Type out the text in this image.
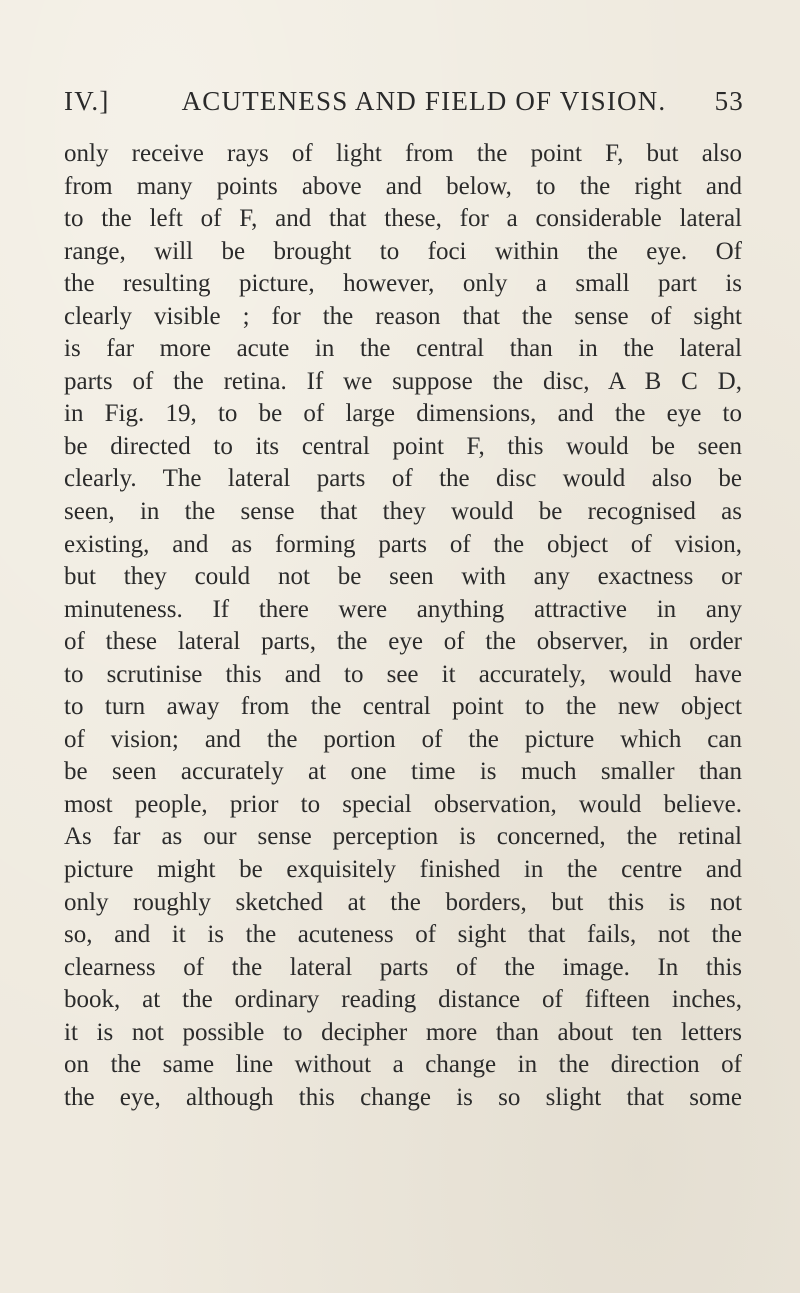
IV.]	ACUTENESS AND FIELD OF VISION.	53
only receive rays of light from the point F, but also
from many points above and below, to the right and
to the left of F, and that these, for a considerable lateral
range, will be brought to foci within the eye. Of
the resulting picture, however, only a small part is
clearly visible ; for the reason that the sense of sight
is far more acute in the central than in the lateral
parts of the retina. If we suppose the disc, A B C D,
in Fig. 19, to be of large dimensions, and the eye to
be directed to its central point F, this would be seen
clearly. The lateral parts of the disc would also be
seen, in the sense that they would be recognised as
existing, and as forming parts of the object of vision,
but they could not be seen with any exactness or
minuteness. If there were anything attractive in any
of these lateral parts, the eye of the observer, in order
to scrutinise this and to see it accurately, would have
to turn away from the central point to the new object
of vision; and the portion of the picture which can
be seen accurately at one time is much smaller than
most people, prior to special observation, would believe.
As far as our sense perception is concerned, the retinal
picture might be exquisitely finished in the centre and
only roughly sketched at the borders, but this is not
so, and it is the acuteness of sight that fails, not the
clearness of the lateral parts of the image. In this
book, at the ordinary reading distance of fifteen inches,
it is not possible to decipher more than about ten letters
on the same line without a change in the direction of
the eye, although this change is so slight that some
